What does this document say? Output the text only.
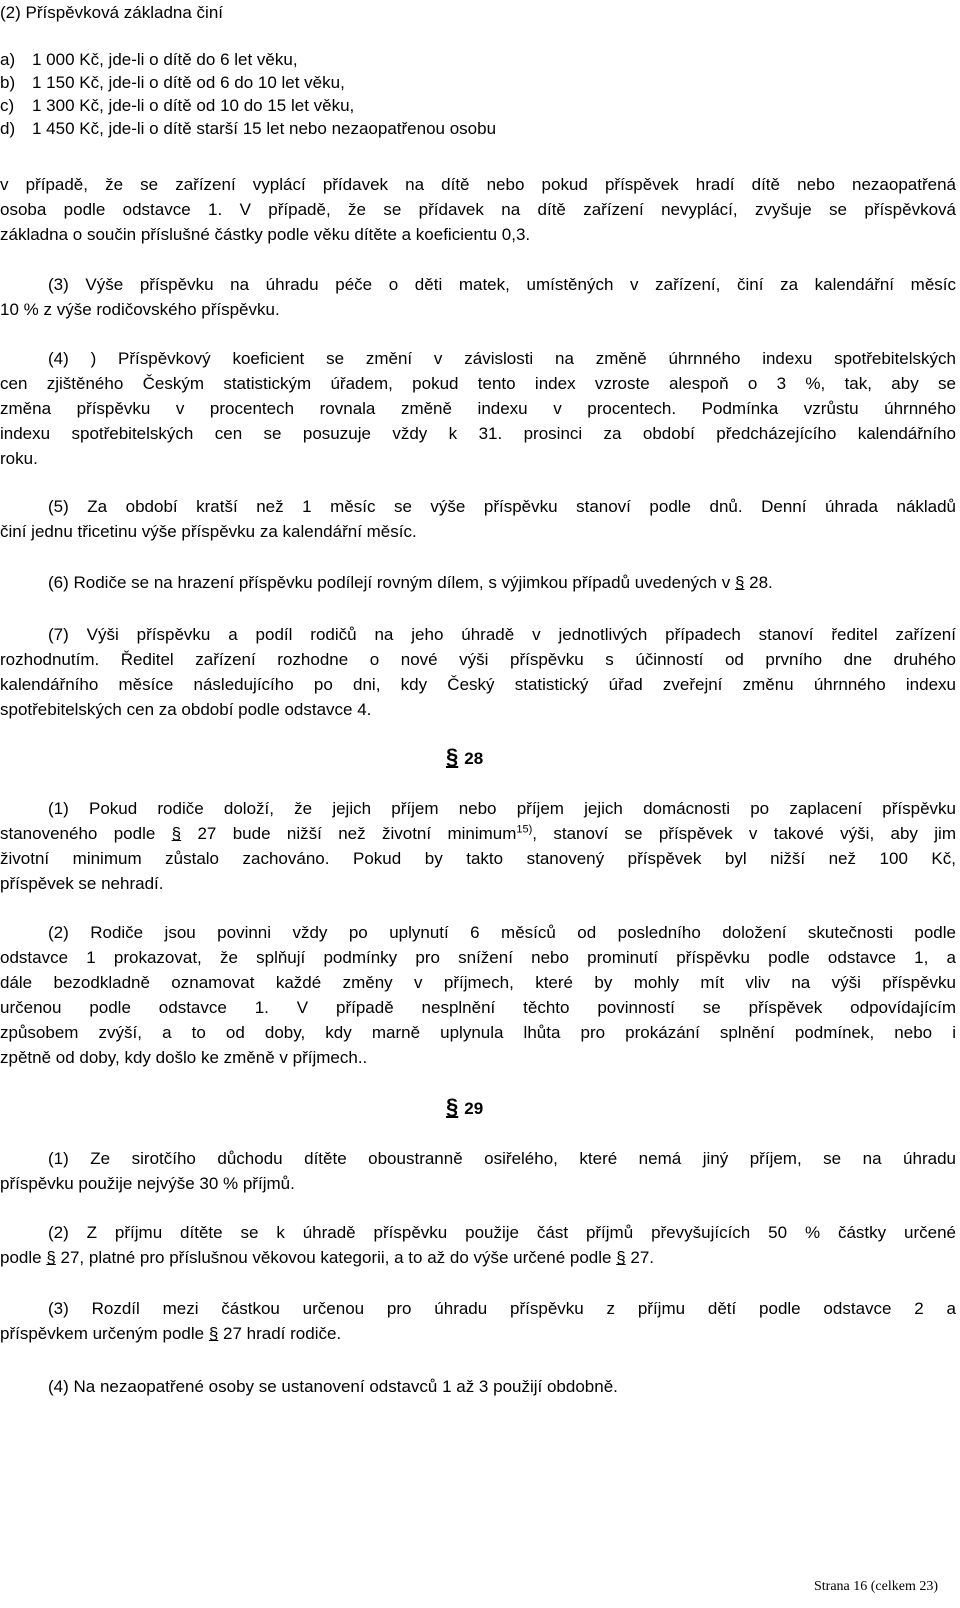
(2) Příspěvková základna činí
a) 1 000 Kč, jde-li o dítě do 6 let věku,
b) 1 150 Kč, jde-li o dítě od 6 do 10 let věku,
c) 1 300 Kč, jde-li o dítě od 10 do 15 let věku,
d) 1 450 Kč, jde-li o dítě starší 15 let nebo nezaopatřenou osobu
v případě, že se zařízení vyplácí přídavek na dítě nebo pokud příspěvek hradí dítě nebo nezaopatřená
osoba podle odstavce 1. V případě, že se přídavek na dítě zařízení nevyplácí, zvyšuje se příspěvková
základna o součin příslušné částky podle věku dítěte a koeficientu 0,3.
(3) Výše příspěvku na úhradu péče o děti matek, umístěných v zařízení, činí za kalendářní měsíc
10 % z výše rodičovského příspěvku.
(4) ) Příspěvkový koeficient se změní v závislosti na změně úhrnného indexu spotřebitelských
cen zjištěného Českým statistickým úřadem, pokud tento index vzroste alespoň o 3 %, tak, aby se
změna příspěvku v procentech rovnala změně indexu v procentech. Podmínka vzrůstu úhrnného
indexu spotřebitelských cen se posuzuje vždy k 31. prosinci za období předcházejícího kalendářního
roku.
(5) Za období kratší než 1 měsíc se výše příspěvku stanoví podle dnů. Denní úhrada nákladů
činí jednu třicetinu výše příspěvku za kalendářní měsíc.
(6) Rodiče se na hrazení příspěvku podílejí rovným dílem, s výjimkou případů uvedených v § 28.
(7) Výši příspěvku a podíl rodičů na jeho úhradě v jednotlivých případech stanoví ředitel zařízení
rozhodnutím. Ředitel zařízení rozhodne o nové výši příspěvku s účinností od prvního dne druhého
kalendářního měsíce následujícího po dni, kdy Český statistický úřad zveřejní změnu úhrnného indexu
spotřebitelských cen za období podle odstavce 4.
§ 28
(1) Pokud rodiče doloží, že jejich příjem nebo příjem jejich domácnosti po zaplacení příspěvku
stanoveného podle § 27 bude nižší než životní minimum$^{15)}$, stanoví se příspěvek v takové výši, aby jim
životní minimum zůstalo zachováno. Pokud by takto stanovený příspěvek byl nižší než 100 Kč,
příspěvek se nehradí.
(2) Rodiče jsou povinni vždy po uplynutí 6 měsíců od posledního doložení skutečnosti podle
odstavce 1 prokazovat, že splňují podmínky pro snížení nebo prominutí příspěvku podle odstavce 1, a
dále bezodkladně oznamovat každé změny v příjmech, které by mohly mít vliv na výši příspěvku
určenou podle odstavce 1. V případě nesplnění těchto povinností se příspěvek odpovídajícím
způsobem zvýší, a to od doby, kdy marně uplynula lhůta pro prokázání splnění podmínek, nebo i
zpětně od doby, kdy došlo ke změně v příjmech..
§ 29
(1) Ze sirotčího důchodu dítěte oboustranně osiřelého, které nemá jiný příjem, se na úhradu
příspěvku použije nejvýše 30 % příjmů.
(2) Z příjmu dítěte se k úhradě příspěvku použije část příjmů převyšujících 50 % částky určené
podle § 27, platné pro příslušnou věkovou kategorii, a to až do výše určené podle § 27.
(3) Rozdíl mezi částkou určenou pro úhradu příspěvku z příjmu dětí podle odstavce 2 a
příspěvkem určeným podle § 27 hradí rodiče.
(4) Na nezaopatřené osoby se ustanovení odstavců 1 až 3 použijí obdobně.
Strana 16 (celkem 23)
